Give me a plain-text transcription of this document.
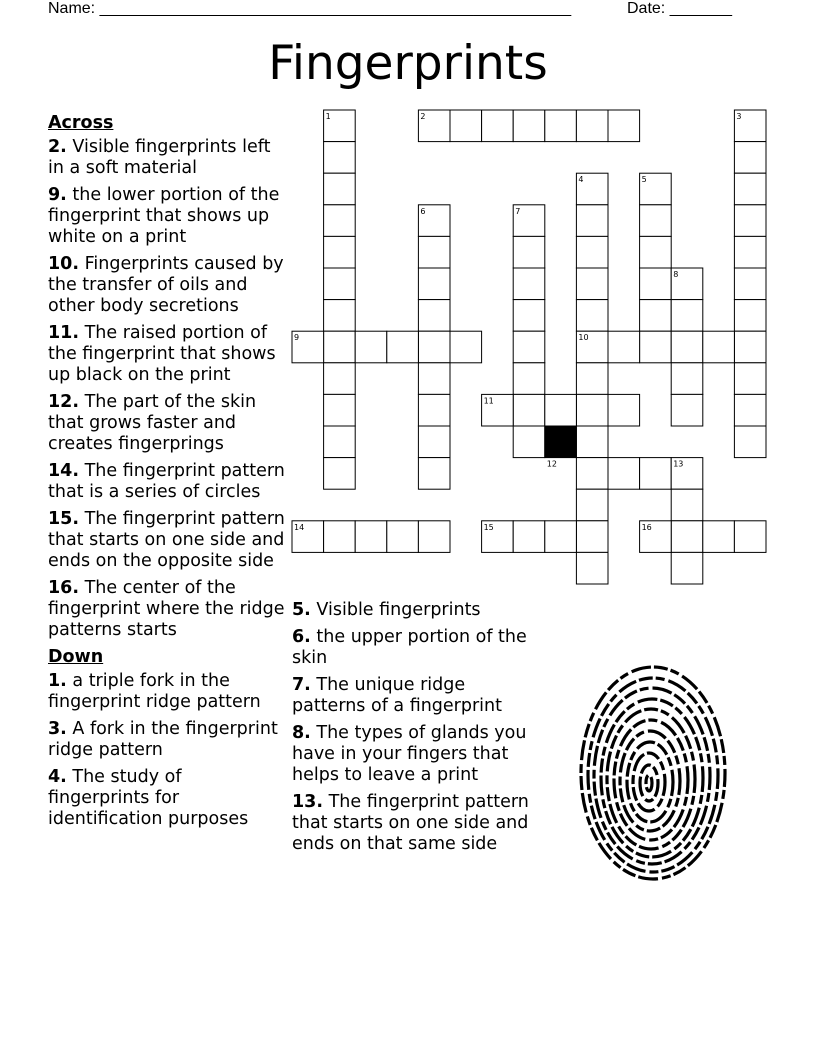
Name: _____________________________________________________	Date: _______
Fingerprints
1	2	3
4	5
6	7
8
9	10
11
12	13
14	15	16
Across
2. Visible fingerprints left in a soft material
9. the lower portion of the fingerprint that shows up white on a print
10. Fingerprints caused by the transfer of oils and other body secretions
11. The raised portion of the fingerprint that shows up black on the print
12. The part of the skin that grows faster and creates fingerprings
14. The fingerprint pattern that is a series of circles
15. The fingerprint pattern that starts on one side and ends on the opposite side
16. The center of the fingerprint where the ridge patterns starts
Down
1. a triple fork in the fingerprint ridge pattern
3. A fork in the fingerprint ridge pattern
4. The study of fingerprints for identification purposes
5. Visible fingerprints
6. the upper portion of the skin
7. The unique ridge patterns of a fingerprint
8. The types of glands you have in your fingers that helps to leave a print
13. The fingerprint pattern that starts on one side and ends on that same side
